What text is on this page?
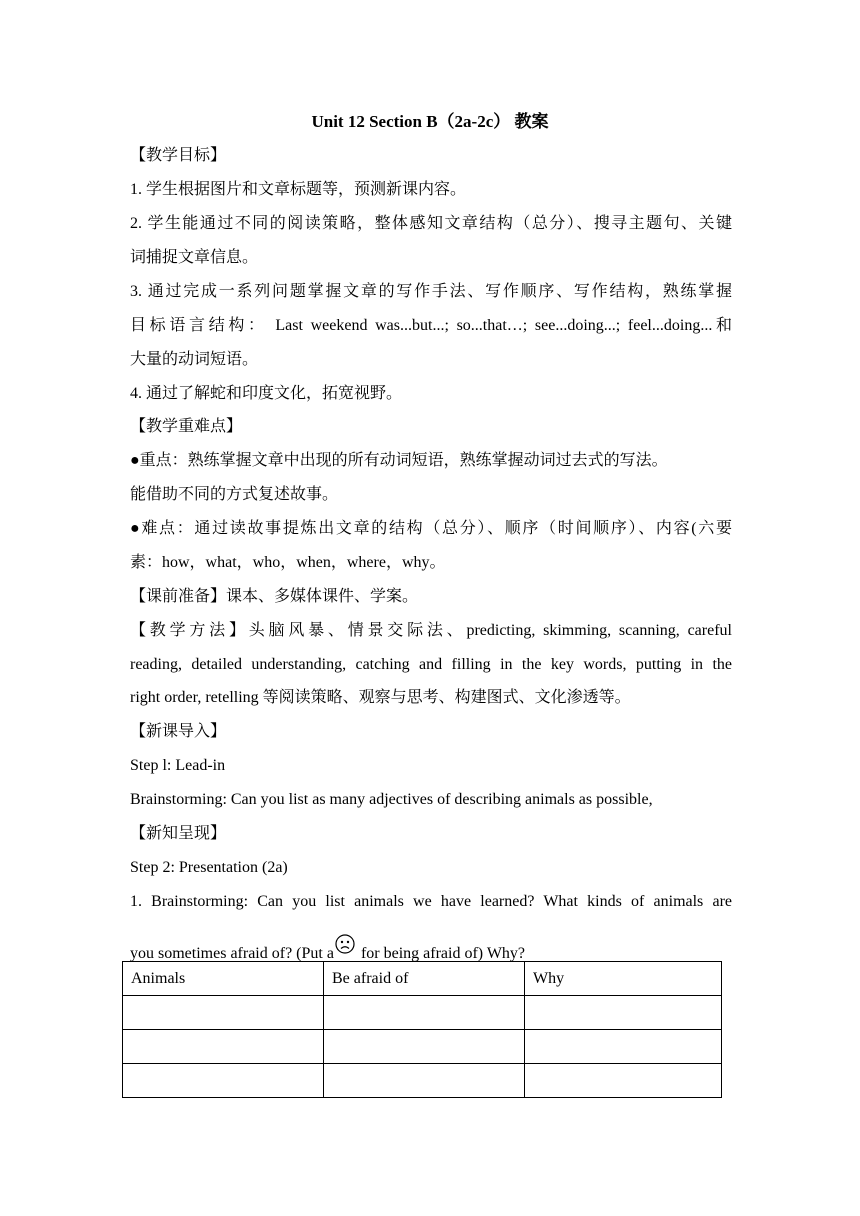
Unit 12 Section B（2a-2c） 教案
【教学目标】
1. 学生根据图片和文章标题等，预测新课内容。
2. 学生能通过不同的阅读策略，整体感知文章结构（总分）、搜寻主题句、关键
词捕捉文章信息。
3. 通过完成一系列问题掌握文章的写作手法、写作顺序、写作结构，熟练掌握
目标语言结构： Last weekend was...but...; so...that…; see...doing...; feel...doing...和
大量的动词短语。
4. 通过了解蛇和印度文化，拓宽视野。
【教学重难点】
●重点：熟练掌握文章中出现的所有动词短语，熟练掌握动词过去式的写法。
能借助不同的方式复述故事。
●难点：通过读故事提炼出文章的结构（总分）、顺序（时间顺序）、内容(六要
素：how，what，who，when，where，why。
【课前准备】课本、多媒体课件、学案。
【教学方法】头脑风暴、情景交际法、predicting, skimming, scanning, careful
reading, detailed understanding, catching and filling in the key words, putting in the
right order, retelling 等阅读策略、观察与思考、构建图式、文化渗透等。
【新课导入】
Step l: Lead-in
Brainstorming: Can you list as many adjectives of describing animals as possible,
【新知呈现】
Step 2: Presentation (2a)
1. Brainstorming: Can you list animals we have learned? What kinds of animals are
you sometimes afraid of? (Put a for being afraid of) Why?
Animals	Be afraid of	Why
